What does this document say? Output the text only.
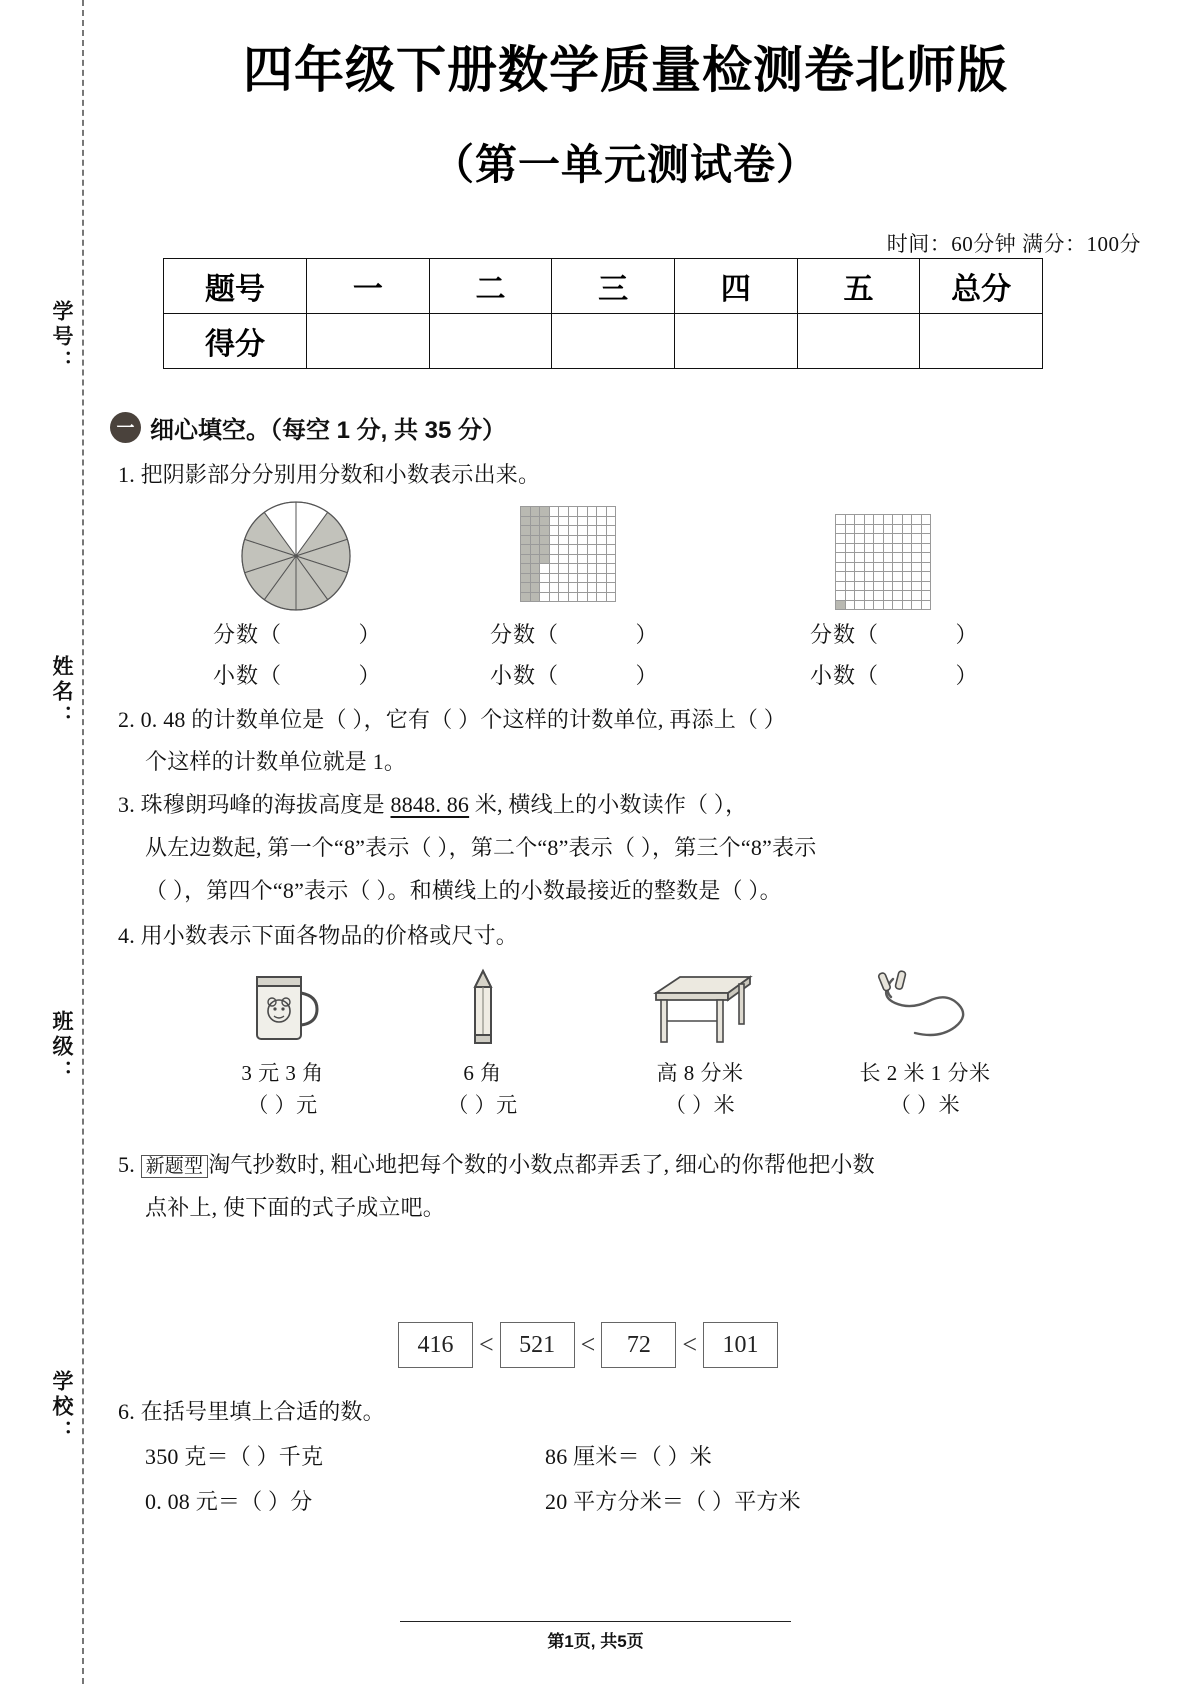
学号：
姓名：
班级：
学校：
四年级下册数学质量检测卷北师版
（第一单元测试卷）
时间：60分钟 满分：100分
题号	一	二	三	四	五	总分
得分						
一 细心填空。（每空 1 分, 共 35 分）
1. 把阴影部分分别用分数和小数表示出来。

分数（	）
小数（	）
分数（	）
小数（	）
分数（	）
小数（	）
2. 0. 48 的计数单位是（ ），它有（ ）个这样的计数单位, 再添上（ ）
个这样的计数单位就是 1。
3. 珠穆朗玛峰的海拔高度是 8848. 86 米, 横线上的小数读作（ ），
从左边数起, 第一个“8”表示（ ），第二个“8”表示（ ），第三个“8”表示
（ ），第四个“8”表示（ ）。和横线上的小数最接近的整数是（ ）。
4. 用小数表示下面各物品的价格或尺寸。
3 元 3 角
（ ）元
6 角
（ ）元
高 8 分米
（ ）米
长 2 米 1 分米
（ ）米
5. 新题型 淘气抄数时, 粗心地把每个数的小数点都弄丢了, 细心的你帮他把小数
点补上, 使下面的式子成立吧。
416 <	521 <	72	<	101
6. 在括号里填上合适的数。
350 克＝（ ）千克	86 厘米＝（ ）米
0. 08 元＝（ ）分	20 平方分米＝（ ）平方米
第1页, 共5页
